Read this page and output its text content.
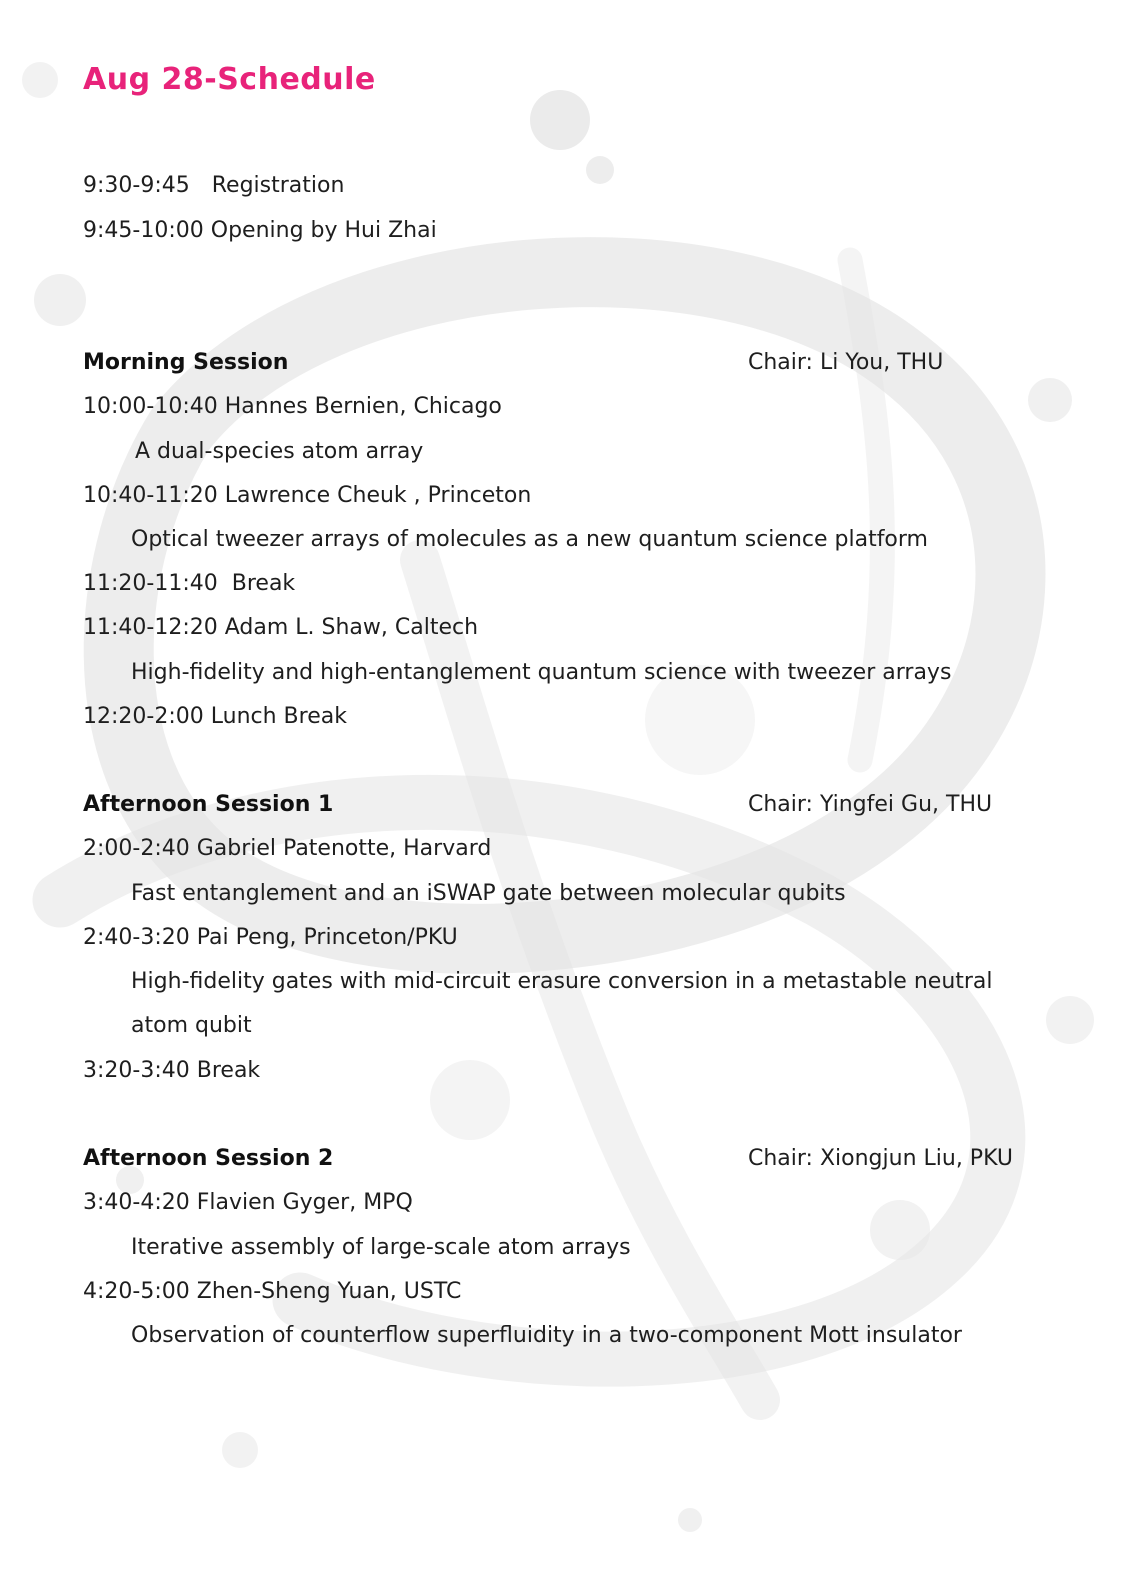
Aug 28-Schedule
9:30-9:45 Registration
9:45-10:00 Opening by Hui Zhai
Morning Session	Chair: Li You, THU
10:00-10:40 Hannes Bernien, Chicago
A dual-species atom array
10:40-11:20 Lawrence Cheuk , Princeton
Optical tweezer arrays of molecules as a new quantum science platform
11:20-11:40 Break
11:40-12:20 Adam L. Shaw, Caltech
High-fidelity and high-entanglement quantum science with tweezer arrays
12:20-2:00 Lunch Break
Afternoon Session 1	Chair: Yingfei Gu, THU
2:00-2:40 Gabriel Patenotte, Harvard
Fast entanglement and an iSWAP gate between molecular qubits
2:40-3:20 Pai Peng, Princeton/PKU
High-fidelity gates with mid-circuit erasure conversion in a metastable neutral
atom qubit
3:20-3:40 Break
Afternoon Session 2	Chair: Xiongjun Liu, PKU
3:40-4:20 Flavien Gyger, MPQ
Iterative assembly of large-scale atom arrays
4:20-5:00 Zhen-Sheng Yuan, USTC
Observation of counterflow superfluidity in a two-component Mott insulator
